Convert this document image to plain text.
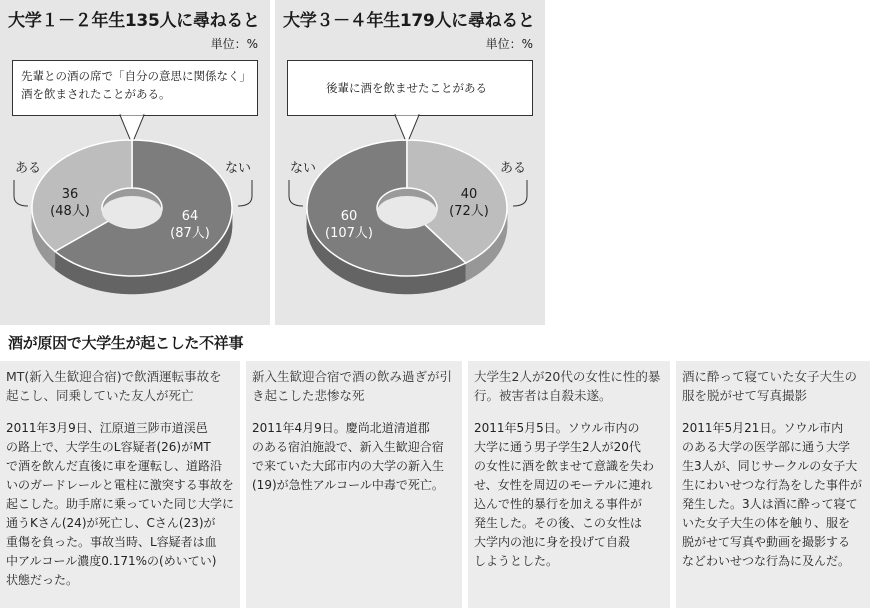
大学１－２年生135人に尋ねると
単位：%
先輩との酒の席で「自分の意思に関係なく」
酒を飲まされたことがある。
64
(87人)
36
(48人)
ある	ない
大学３－４年生179人に尋ねると
単位：%
後輩に酒を飲ませたことがある
60
(107人)
40
(72人)
ない	ある
酒が原因で大学生が起こした不祥事
MT(新入生歓迎合宿)で飲酒運転事故を起こし、同乗していた友人が死亡
2011年3月9日、江原道三陟市道渓邑
の路上で、大学生のL容疑者(26)がMT
で酒を飲んだ直後に車を運転し、道路沿
いのガードレールと電柱に激突する事故を
起こした。助手席に乗っていた同じ大学に
通うKさん(24)が死亡し、Cさん(23)が
重傷を負った。事故当時、L容疑者は血
中アルコール濃度0.171%の(めいてい)
状態だった。
新入生歓迎合宿で酒の飲み過ぎが引き起こした悲惨な死
2011年4月9日。慶尚北道清道郡
のある宿泊施設で、新入生歓迎合宿
で来ていた大邱市内の大学の新入生
(19)が急性アルコール中毒で死亡。
大学生2人が20代の女性に性的暴行。被害者は自殺未遂。
2011年5月5日。ソウル市内の
大学に通う男子学生2人が20代
の女性に酒を飲ませて意識を失わ
せ、女性を周辺のモーテルに連れ
込んで性的暴行を加える事件が
発生した。その後、この女性は
大学内の池に身を投げて自殺
しようとした。
酒に酔って寝ていた女子大生の服を脱がせて写真撮影
2011年5月21日。ソウル市内
のある大学の医学部に通う大学
生3人が、同じサークルの女子大
生にわいせつな行為をした事件が
発生した。3人は酒に酔って寝て
いた女子大生の体を触り、服を
脱がせて写真や動画を撮影する
などわいせつな行為に及んだ。
